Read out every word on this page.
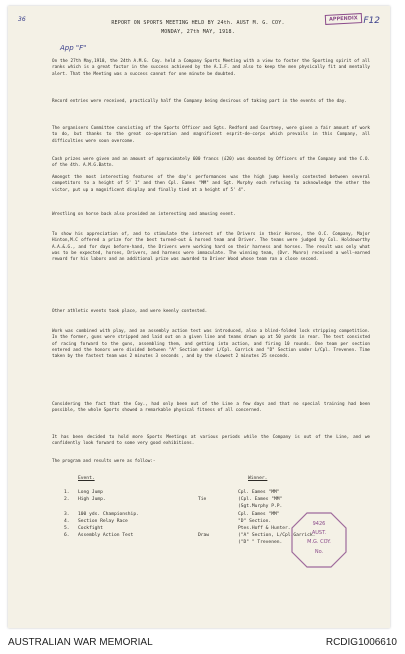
APPENDIX F12
36
App "F"
REPORT ON SPORTS MEETING HELD BY 24th. AUST M. G. COY.
MONDAY, 27th MAY, 1918.
On the 27th May,1918, the 24th A.M.G. Coy. held a Company Sports Meeting with a view to foster the Sporting spirit of all ranks which is a great factor in the success achieved by the A.I.F. and also to keep the men physically fit and mentally alert. That the Meeting was a success cannot for one minute be doubted.
Record entries were received, practically half the Company being desirous of taking part in the events of the day.
The organisers Committee consisting of the Sports Officer and Sgts. Redford and Courtney, were given a fair amount of work to do, but thanks to the great co-operation and magnificent esprit-de-corps which prevails in this Company, all difficulties were soon overcome.
Cash prizes were given and an amount of approximately 600 francs (£20) was donated by Officers of the Company and the C.O. of the 4th. A.M.G.Battn.
Amongst the most interesting features of the day's performances was the high jump keenly contested between several competitors to a height of 5' 1" and then Cpl. Eames "MM" and Sgt. Murphy each refusing to acknowledge the other the victor, put up a magnificent display and finally tied at a height of 5' 4".
Wrestling on horse back also provided an interesting and amusing event.
To show his appreciation of, and to stimulate the interest of the Drivers in their Horses, the O.C. Company, Major Hinton,M.C offered a prize for the best turned-out & horsed team and Driver. The teams were judged by Col. Holdsworthy A.A.&.G., and for days before-hand, the Drivers were working hard on their harness and horses. The result was only what was to be expected, horses, Drivers, and harness were immaculate. The winning team, (Dvr. Munro) received a well-earned reward for his labors and an additional prize was awarded to Driver Wood whose team ran a close second.
Other athletic events took place, and were keenly contested.
Work was combined with play, and an assembly action test was introduced, also a blind-folded lock stripping competition. In the former, guns were stripped and laid out on a given line and teams drawn up at 50 yards in rear. The test consisted of racing forward to the guns, assembling them, and getting into action, and firing 10 rounds. One team per section entered and the honors were divided between "A" Section under L/Cpl. Garrick and "D" Section under L/Cpl. Trevenen. Time taken by the fastest team was 2 minutes 3 seconds , and by the slowest 2 minutes 25 seconds.
Considering the fact that the Coy., had only been out of the Line a few days and that no special training had been possible, the whole Sports showed a remarkable physical fitness of all concerned.
It has been decided to hold more Sports Meetings at various periods while the Company is out of the Line, and we confidently look forward to some very good exhibitions.
The program and results were as follow:-
Event.	Winner.
1. Long Jump	Cpl. Eames "MM"
2. High Jump.	Tie	(Cpl. Eames "MM"
(Sgt.Murphy P.P.
3. 100 yds. Championship.	Cpl. Eames "MM"
4. Section Relay Race	"D" Section.
5. Cockfight	Ptes.Hoff & Hunter.
6. Assembly Action Test	Draw	("A" Section, L/Cpl.Garrick.
("D" " Trevenen.
9426
AUST.
M.G. COY.
No.
AUSTRALIAN WAR MEMORIAL	RCDIG1006610
